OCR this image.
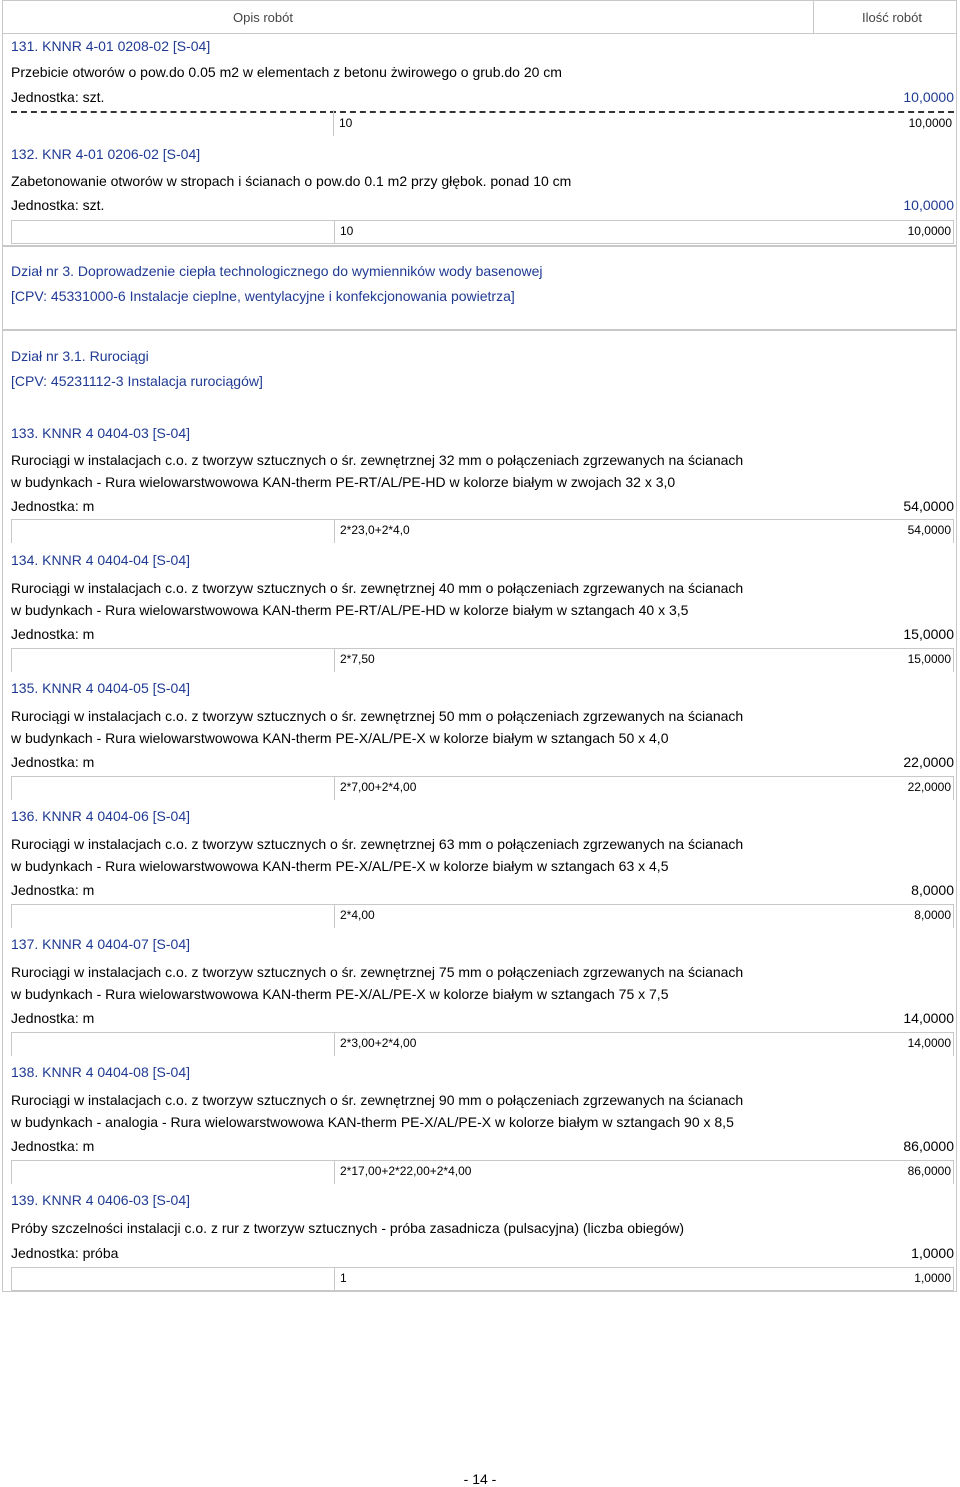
Opis robót	Ilość robót
131. KNNR 4-01 0208-02 [S-04]
Przebicie otworów o pow.do 0.05 m2 w elementach z betonu żwirowego o grub.do 20 cm
Jednostka: szt.	10,0000
10	10,0000
132. KNR 4-01 0206-02 [S-04]
Zabetonowanie otworów w stropach i ścianach o pow.do 0.1 m2 przy głębok. ponad 10 cm
Jednostka: szt.	10,0000
10	10,0000
Dział nr 3. Doprowadzenie ciepła technologicznego do wymienników wody basenowej
[CPV: 45331000-6 Instalacje cieplne, wentylacyjne i konfekcjonowania powietrza]
Dział nr 3.1. Rurociągi
[CPV: 45231112-3 Instalacja rurociągów]
133. KNNR 4 0404-03 [S-04]
Rurociągi w instalacjach c.o. z tworzyw sztucznych o śr. zewnętrznej 32 mm o połączeniach zgrzewanych na ścianach
w budynkach - Rura wielowarstwowowa KAN-therm PE-RT/AL/PE-HD w kolorze białym w zwojach 32 x 3,0
Jednostka: m	54,0000
2*23,0+2*4,0	54,0000
134. KNNR 4 0404-04 [S-04]
Rurociągi w instalacjach c.o. z tworzyw sztucznych o śr. zewnętrznej 40 mm o połączeniach zgrzewanych na ścianach
w budynkach - Rura wielowarstwowowa KAN-therm PE-RT/AL/PE-HD w kolorze białym w sztangach 40 x 3,5
Jednostka: m	15,0000
2*7,50	15,0000
135. KNNR 4 0404-05 [S-04]
Rurociągi w instalacjach c.o. z tworzyw sztucznych o śr. zewnętrznej 50 mm o połączeniach zgrzewanych na ścianach
w budynkach - Rura wielowarstwowowa KAN-therm PE-X/AL/PE-X w kolorze białym w sztangach 50 x 4,0
Jednostka: m	22,0000
2*7,00+2*4,00	22,0000
136. KNNR 4 0404-06 [S-04]
Rurociągi w instalacjach c.o. z tworzyw sztucznych o śr. zewnętrznej 63 mm o połączeniach zgrzewanych na ścianach
w budynkach - Rura wielowarstwowowa KAN-therm PE-X/AL/PE-X w kolorze białym w sztangach 63 x 4,5
Jednostka: m	8,0000
2*4,00	8,0000
137. KNNR 4 0404-07 [S-04]
Rurociągi w instalacjach c.o. z tworzyw sztucznych o śr. zewnętrznej 75 mm o połączeniach zgrzewanych na ścianach
w budynkach - Rura wielowarstwowowa KAN-therm PE-X/AL/PE-X w kolorze białym w sztangach 75 x 7,5
Jednostka: m	14,0000
2*3,00+2*4,00	14,0000
138. KNNR 4 0404-08 [S-04]
Rurociągi w instalacjach c.o. z tworzyw sztucznych o śr. zewnętrznej 90 mm o połączeniach zgrzewanych na ścianach
w budynkach - analogia - Rura wielowarstwowowa KAN-therm PE-X/AL/PE-X w kolorze białym w sztangach 90 x 8,5
Jednostka: m	86,0000
2*17,00+2*22,00+2*4,00	86,0000
139. KNNR 4 0406-03 [S-04]
Próby szczelności instalacji c.o. z rur z tworzyw sztucznych - próba zasadnicza (pulsacyjna) (liczba obiegów)
Jednostka: próba	1,0000
1	1,0000
- 14 -
